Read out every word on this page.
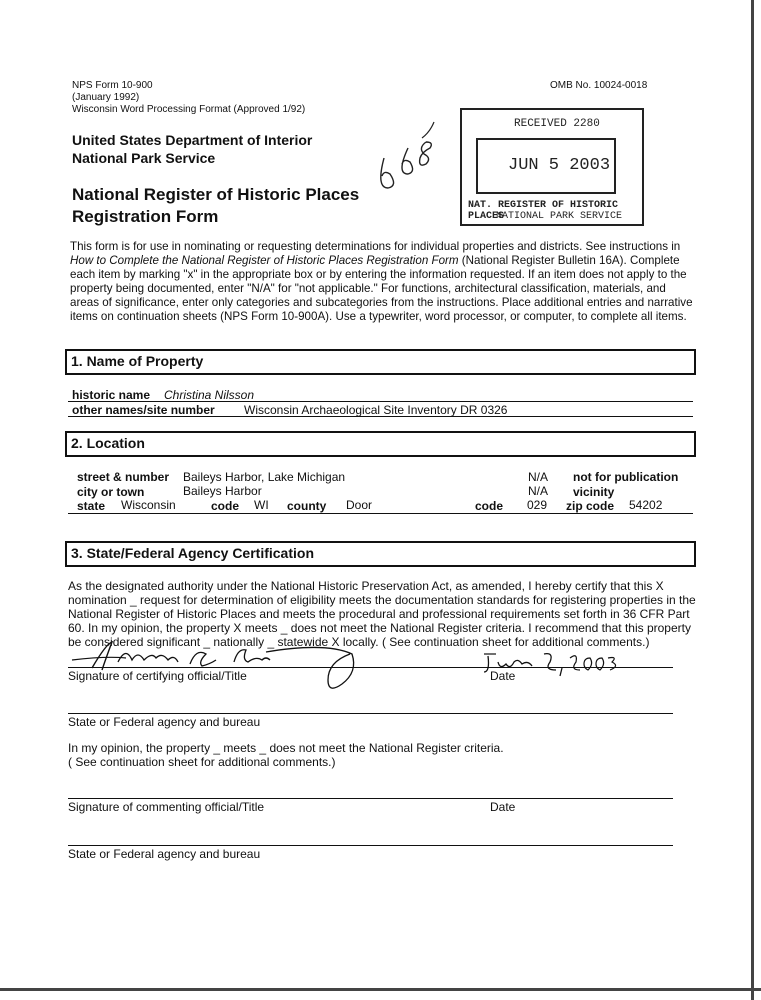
NPS Form 10-900
(January 1992)
Wisconsin Word Processing Format (Approved 1/92)
OMB No. 10024-0018
United States Department of Interior
National Park Service
National Register of Historic Places
Registration Form
RECEIVED 2280
JUN 5 2003
NAT. REGISTER OF HISTORIC PLACES
NATIONAL PARK SERVICE
This form is for use in nominating or requesting determinations for individual properties and districts. See instructions in How to Complete the National Register of Historic Places Registration Form (National Register Bulletin 16A). Complete each item by marking "x" in the appropriate box or by entering the information requested. If an item does not apply to the property being documented, enter "N/A" for "not applicable." For functions, architectural classification, materials, and areas of significance, enter only categories and subcategories from the instructions. Place additional entries and narrative items on continuation sheets (NPS Form 10-900A). Use a typewriter, word processor, or computer, to complete all items.
1. Name of Property
historic name Christina Nilsson
other names/site number Wisconsin Archaeological Site Inventory DR 0326
2. Location
street & number Baileys Harbor, Lake Michigan	N/A not for publication
city or town	Baileys Harbor	N/A vicinity
state Wisconsin	code WI county Door	code 029 zip code 54202
3. State/Federal Agency Certification
As the designated authority under the National Historic Preservation Act, as amended, I hereby certify that this X
nomination _ request for determination of eligibility meets the documentation standards for registering properties in the
National Register of Historic Places and meets the procedural and professional requirements set forth in 36 CFR Part
60. In my opinion, the property X meets _ does not meet the National Register criteria. I recommend that this property
be considered significant _ nationally _ statewide X locally. ( See continuation sheet for additional comments.)
Signature of certifying official/Title	Date
State or Federal agency and bureau
In my opinion, the property _ meets _ does not meet the National Register criteria.
( See continuation sheet for additional comments.)
Signature of commenting official/Title	Date
State or Federal agency and bureau
